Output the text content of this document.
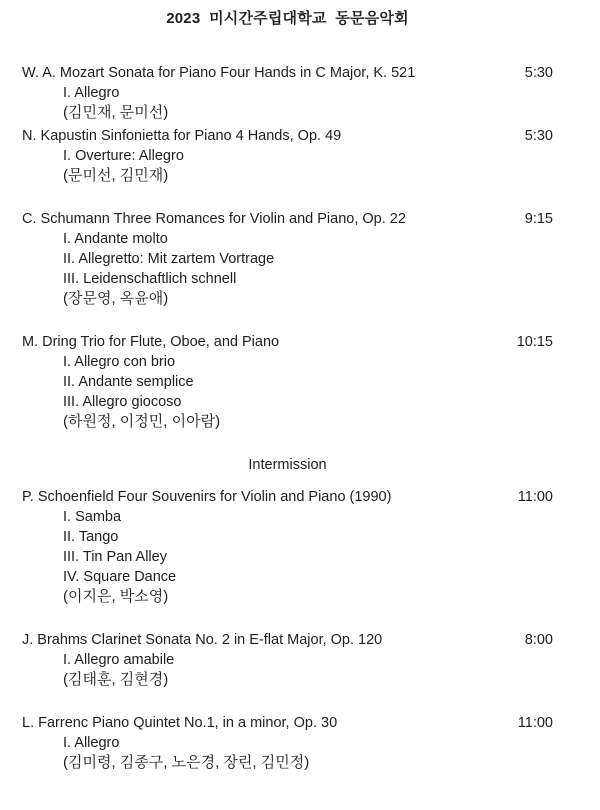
2023  미시간주립대학교  동문음악회
W. A. Mozart Sonata for Piano Four Hands in C Major, K. 521	5:30
I. Allegro
(김민재, 문미선)
N. Kapustin Sinfonietta for Piano 4 Hands, Op. 49	5:30
I. Overture: Allegro
(문미선, 김민재)
C. Schumann Three Romances for Violin and Piano, Op. 22	9:15
I. Andante molto
II. Allegretto: Mit zartem Vortrage
III. Leidenschaftlich schnell
(장문영, 옥윤애)
M. Dring Trio for Flute, Oboe, and Piano	10:15
I. Allegro con brio
II. Andante semplice
III. Allegro giocoso
(하원정, 이정민, 이아람)
Intermission
P. Schoenfield Four Souvenirs for Violin and Piano (1990)	11:00
I. Samba
II. Tango
III. Tin Pan Alley
IV. Square Dance
(이지은, 박소영)
J. Brahms Clarinet Sonata No. 2 in E-flat Major, Op. 120	8:00
I. Allegro amabile
(김태훈, 김현경)
L. Farrenc Piano Quintet No.1, in a minor, Op. 30	11:00
I. Allegro
(김미령, 김종구, 노은경, 장린, 김민정)
